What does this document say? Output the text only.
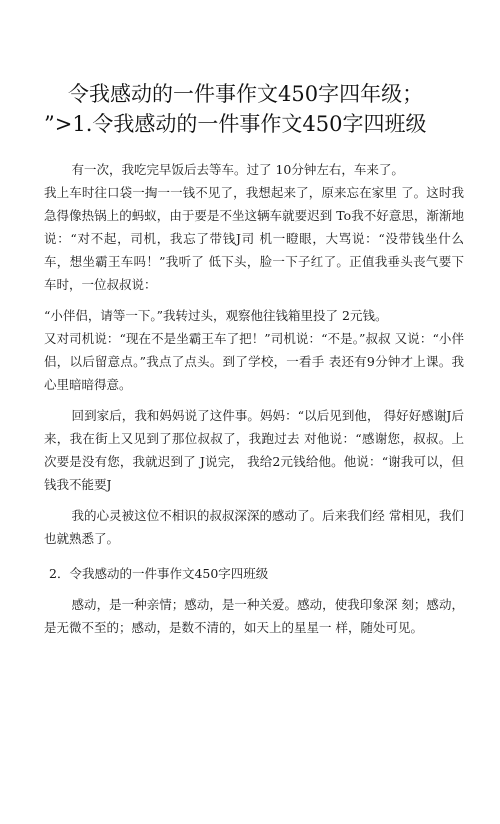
令我感动的一件事作文450字四年级；
”>1.令我感动的一件事作文450字四班级

有一次，我吃完早饭后去等车。过了 10分钟左右，车来了。

我上车时往口袋一掏一一钱不见了，我想起来了，原来忘在家里 了。这时我急得像热锅上的蚂蚁，由于要是不坐这辆车就要迟到 To我不好意思，渐渐地说：“对不起，司机，我忘了带钱J司 机一瞪眼，大骂说：“没带钱坐什么车，想坐霸王车吗！”我听了 低下头，脸一下子红了。正值我垂头丧气要下车时，一位叔叔说：

“小伴侣，请等一下。”我转过头，观察他往钱箱里投了 2元钱。

又对司机说：“现在不是坐霸王车了把！”司机说：“不是。”叔叔 又说：“小伴侣，以后留意点。”我点了点头。到了学校，一看手 表还有9分钟才上课。我心里暗暗得意。

回到家后，我和妈妈说了这件事。妈妈：“以后见到他， 得好好感谢J后来，我在街上又见到了那位叔叔了，我跑过去 对他说：“感谢您，叔叔。上次要是没有您，我就迟到了 J说完， 我给2元钱给他。他说：“谢我可以，但钱我不能要J

我的心灵被这位不相识的叔叔深深的感动了。后来我们经 常相见，我们也就熟悉了。

2．令我感动的一件事作文450字四班级

感动，是一种亲情；感动，是一种关爱。感动，使我印象深 刻；感动，是无微不至的；感动，是数不清的，如天上的星星一 样，随处可见。
